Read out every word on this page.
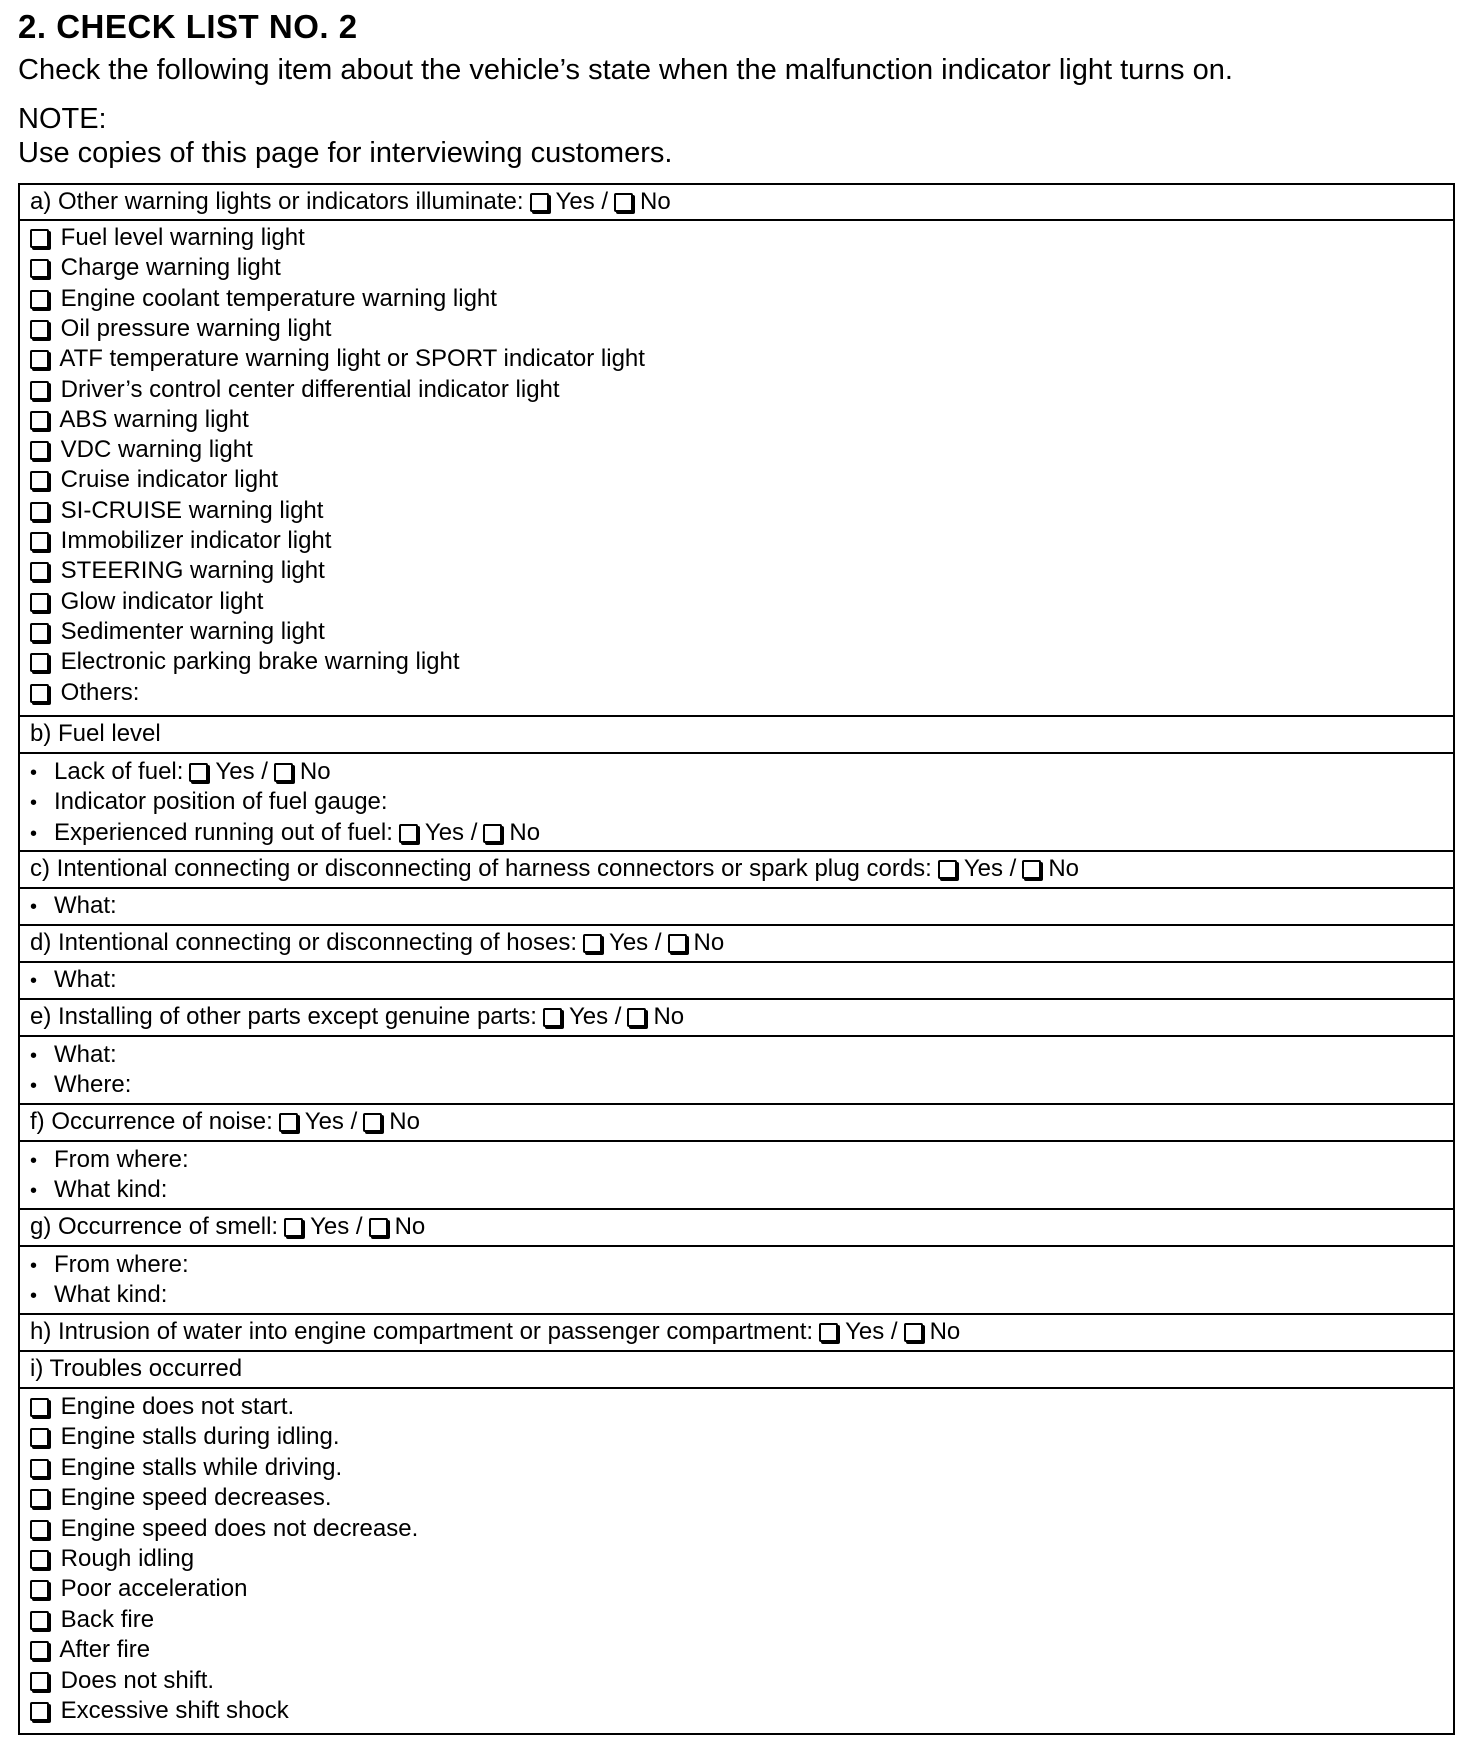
2. CHECK LIST NO. 2
Check the following item about the vehicle’s state when the malfunction indicator light turns on.
NOTE:
Use copies of this page for interviewing customers.
a) Other warning lights or indicators illuminate: Yes / No
Fuel level warning light
Charge warning light
Engine coolant temperature warning light
Oil pressure warning light
ATF temperature warning light or SPORT indicator light
Driver’s control center differential indicator light
ABS warning light
VDC warning light
Cruise indicator light
SI-CRUISE warning light
Immobilizer indicator light
STEERING warning light
Glow indicator light
Sedimenter warning light
Electronic parking brake warning light
Others:
b) Fuel level
• Lack of fuel: Yes / No
• Indicator position of fuel gauge:
• Experienced running out of fuel: Yes / No
c) Intentional connecting or disconnecting of harness connectors or spark plug cords: Yes / No
• What:
d) Intentional connecting or disconnecting of hoses: Yes / No
• What:
e) Installing of other parts except genuine parts: Yes / No
• What:
• Where:
f) Occurrence of noise: Yes / No
• From where:
• What kind:
g) Occurrence of smell: Yes / No
• From where:
• What kind:
h) Intrusion of water into engine compartment or passenger compartment: Yes / No
i) Troubles occurred
Engine does not start.
Engine stalls during idling.
Engine stalls while driving.
Engine speed decreases.
Engine speed does not decrease.
Rough idling
Poor acceleration
Back fire
After fire
Does not shift.
Excessive shift shock
